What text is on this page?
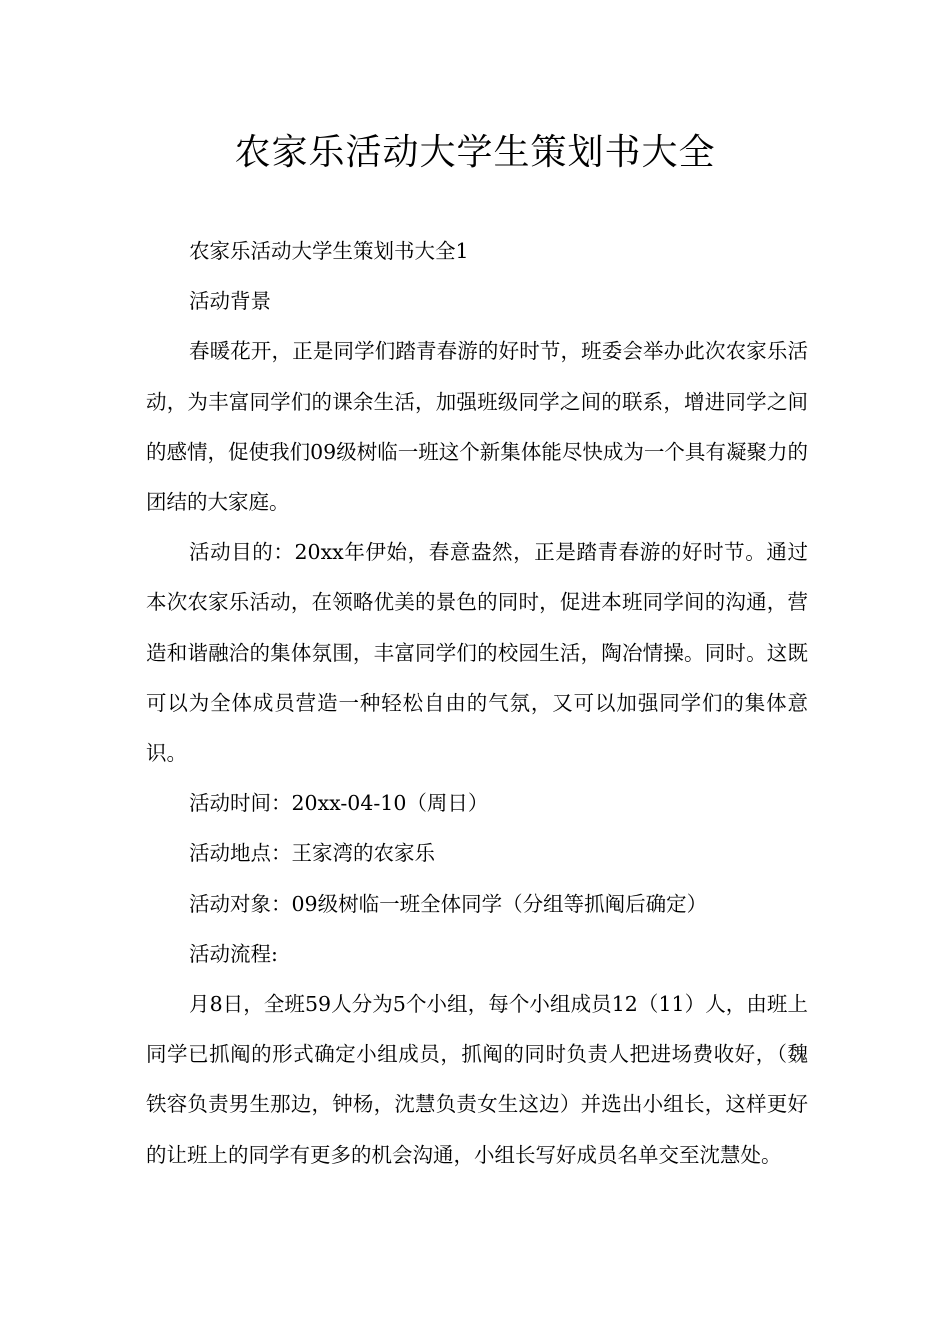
农家乐活动大学生策划书大全

农家乐活动大学生策划书大全1

活动背景

春暖花开，正是同学们踏青春游的好时节，班委会举办此次农家乐活动，为丰富同学们的课余生活，加强班级同学之间的联系，增进同学之间的感情，促使我们09级树临一班这个新集体能尽快成为一个具有凝聚力的团结的大家庭。

活动目的：20xx年伊始，春意盎然，正是踏青春游的好时节。通过本次农家乐活动，在领略优美的景色的同时，促进本班同学间的沟通，营造和谐融洽的集体氛围，丰富同学们的校园生活，陶冶情操。同时。这既可以为全体成员营造一种轻松自由的气氛，又可以加强同学们的集体意识。

活动时间：20xx-04-10（周日）

活动地点：王家湾的农家乐

活动对象：09级树临一班全体同学（分组等抓阄后确定）

活动流程:

月8日，全班59人分为5个小组，每个小组成员12（11）人，由班上同学已抓阄的形式确定小组成员，抓阄的同时负责人把进场费收好，（魏铁容负责男生那边，钟杨，沈慧负责女生这边）并选出小组长，这样更好的让班上的同学有更多的机会沟通，小组长写好成员名单交至沈慧处。
